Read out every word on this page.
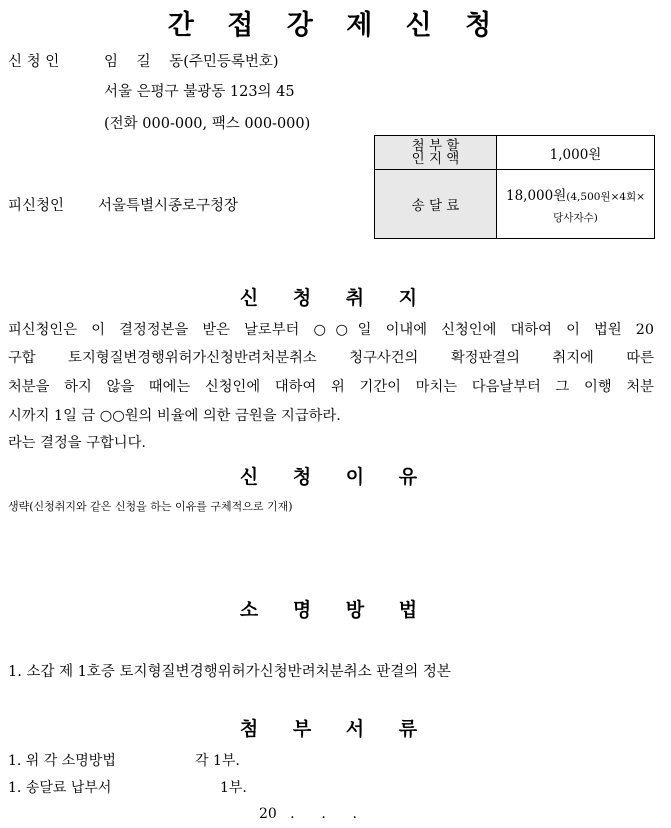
간 접 강 제 신 청
신 청 인	임 길 동(주민등록번호)
서울 은평구 불광동 123의 45
(전화 000-000, 팩스 000-000)
첨 부 할
인 지 액	1,000원
송 달 료	18,000원(4,500원×4회×
당사자수)
피신청인 서울특별시종로구청장
신 청 취 지
피신청인은 이 결정정본을 받은 날로부터 ○○일 이내에 신청인에 대하여 이 법원 20
구합 토지형질변경행위허가신청반려처분취소 청구사건의 확정판결의 취지에 따른
처분을 하지 않을 때에는 신청인에 대하여 위 기간이 마치는 다음날부터 그 이행 처분
시까지 1일 금 ○○원의 비율에 의한 금원을 지급하라.
라는 결정을 구합니다.
신 청 이 유
생략(신청취지와 같은 신청을 하는 이유를 구체적으로 기재)
소 명 방 법
1. 소갑 제 1호증 토지형질변경행위허가신청반려처분취소 판결의 정본
첨 부 서 류
1. 위 각 소명방법	각 1부.
1. 송달료 납부서	1부.
20   .      .      .
